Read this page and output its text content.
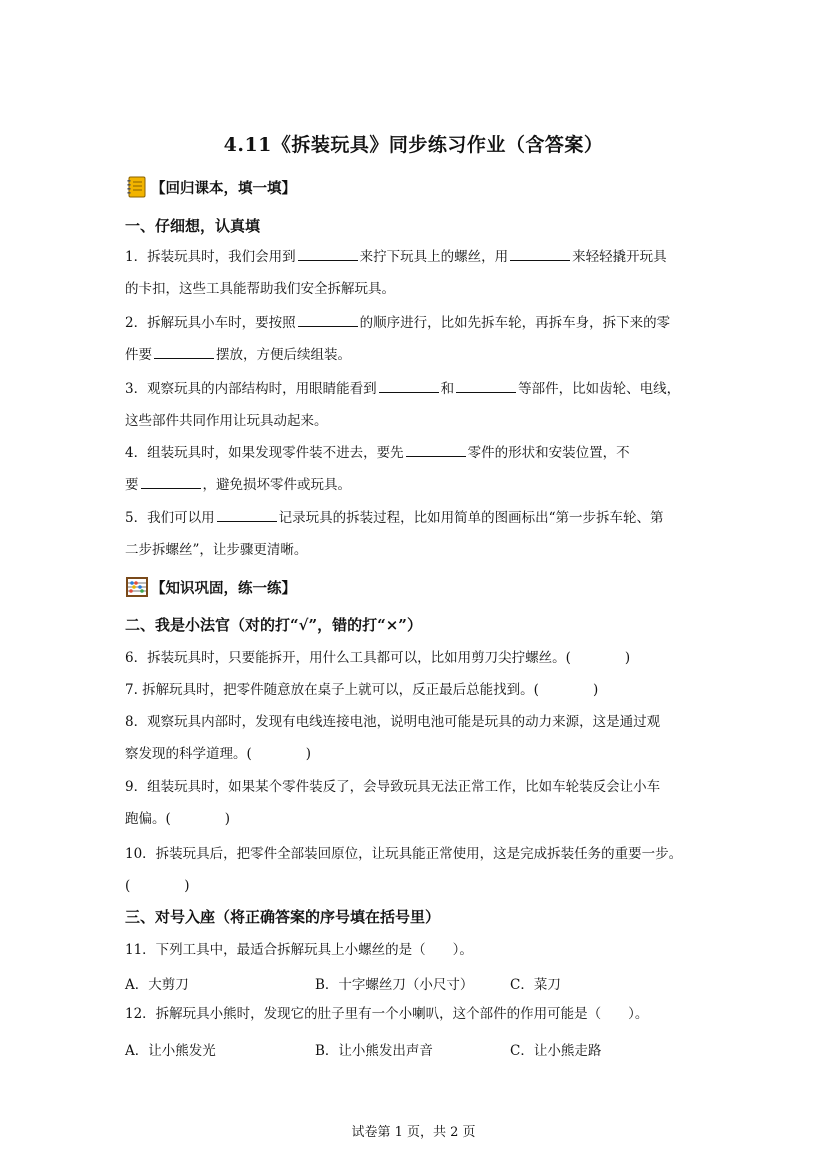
4.11《拆装玩具》同步练习作业（含答案）
【回归课本，填一填】
一、仔细想，认真填
1．拆装玩具时，我们会用到	来拧下玩具上的螺丝，用	来轻轻撬开玩具
的卡扣，这些工具能帮助我们安全拆解玩具。
2．拆解玩具小车时，要按照	的顺序进行，比如先拆车轮，再拆车身，拆下来的零
件要	摆放，方便后续组装。
3．观察玩具的内部结构时，用眼睛能看到	和	等部件，比如齿轮、电线，
这些部件共同作用让玩具动起来。
4．组装玩具时，如果发现零件装不进去，要先	零件的形状和安装位置，不
要	，避免损坏零件或玩具。
5．我们可以用	记录玩具的拆装过程，比如用简单的图画标出“第一步拆车轮、第
二步拆螺丝”，让步骤更清晰。
【知识巩固，练一练】
二、我是小法官（对的打“√”，错的打“×”）
6．拆装玩具时，只要能拆开，用什么工具都可以，比如用剪刀尖拧螺丝。(	)
7. 拆解玩具时，把零件随意放在桌子上就可以，反正最后总能找到。(	)
8．观察玩具内部时，发现有电线连接电池，说明电池可能是玩具的动力来源，这是通过观
察发现的科学道理。(	)
9．组装玩具时，如果某个零件装反了，会导致玩具无法正常工作，比如车轮装反会让小车
跑偏。(	)
10．拆装玩具后，把零件全部装回原位，让玩具能正常使用，这是完成拆装任务的重要一步。
(	)
三、对号入座（将正确答案的序号填在括号里）
11．下列工具中，最适合拆解玩具上小螺丝的是（　　）。
A．大剪刀	B．十字螺丝刀（小尺寸）	C．菜刀
12．拆解玩具小熊时，发现它的肚子里有一个小喇叭，这个部件的作用可能是（　　）。
A．让小熊发光	B．让小熊发出声音	C．让小熊走路
试卷第 1 页，共 2 页
